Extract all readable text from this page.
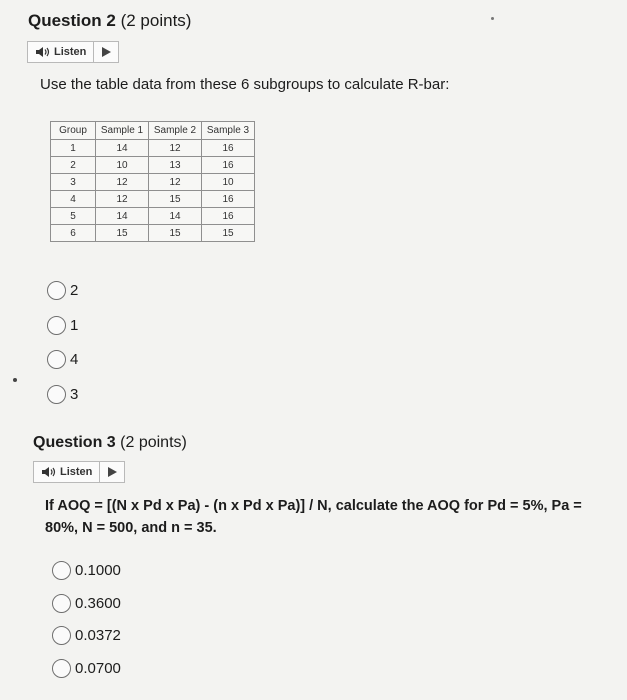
Question 2 (2 points)
Listen
Use the table data from these 6 subgroups to calculate R-bar:
Group	Sample 1	Sample 2	Sample 3
1	14	12	16
2	10	13	16
3	12	12	10
4	12	15	16
5	14	14	16
6	15	15	15
2
1
4
3
Question 3 (2 points)
Listen
If AOQ = [(N x Pd x Pa) - (n x Pd x Pa)] / N, calculate the AOQ for Pd = 5%, Pa = 80%, N = 500, and n = 35.
0.1000
0.3600
0.0372
0.0700
